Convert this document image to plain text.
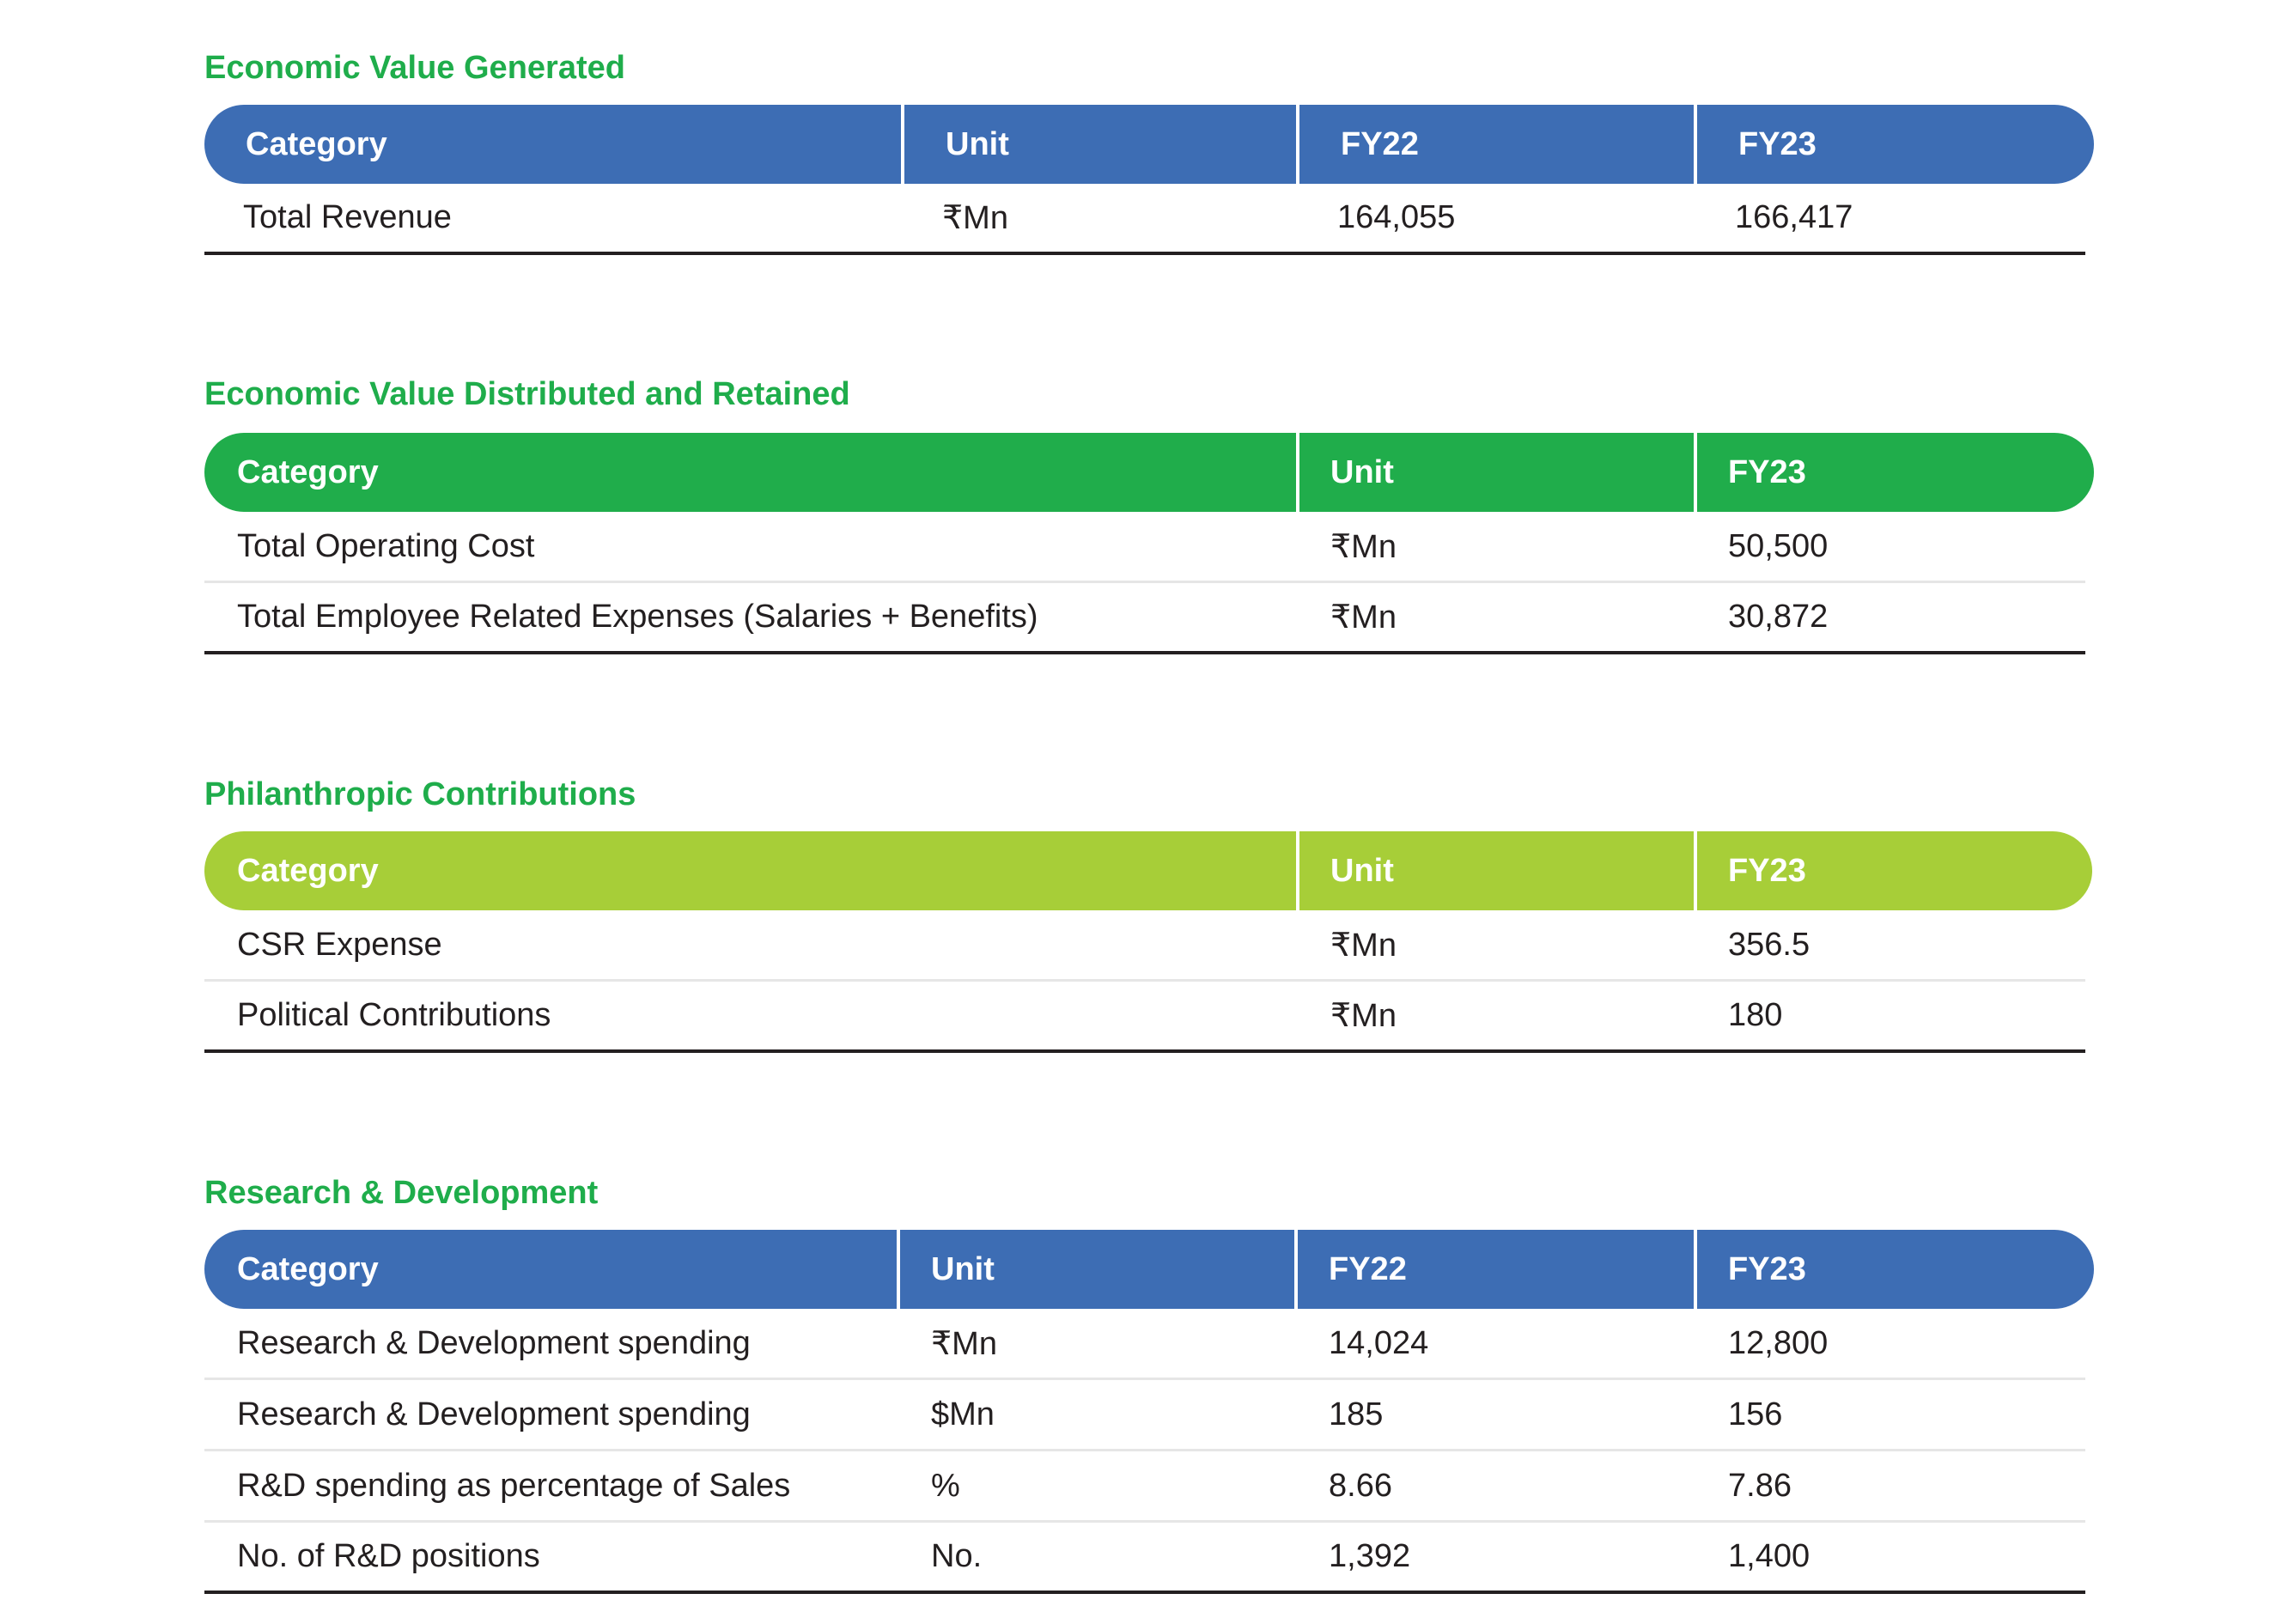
Economic Value Generated
Category	Unit	FY22	FY23
Total Revenue	₹Mn	164,055	166,417
Economic Value Distributed and Retained
Category	Unit	FY23
Total Operating Cost	₹Mn	50,500
Total Employee Related Expenses (Salaries + Benefits)	₹Mn	30,872
Philanthropic Contributions
Category	Unit	FY23
CSR Expense	₹Mn	356.5
Political Contributions	₹Mn	180
Research & Development
Category	Unit	FY22	FY23
Research & Development spending	₹Mn	14,024	12,800
Research & Development spending	$Mn	185	156
R&D spending as percentage of Sales	%	8.66	7.86
No. of R&D positions	No.	1,392	1,400
